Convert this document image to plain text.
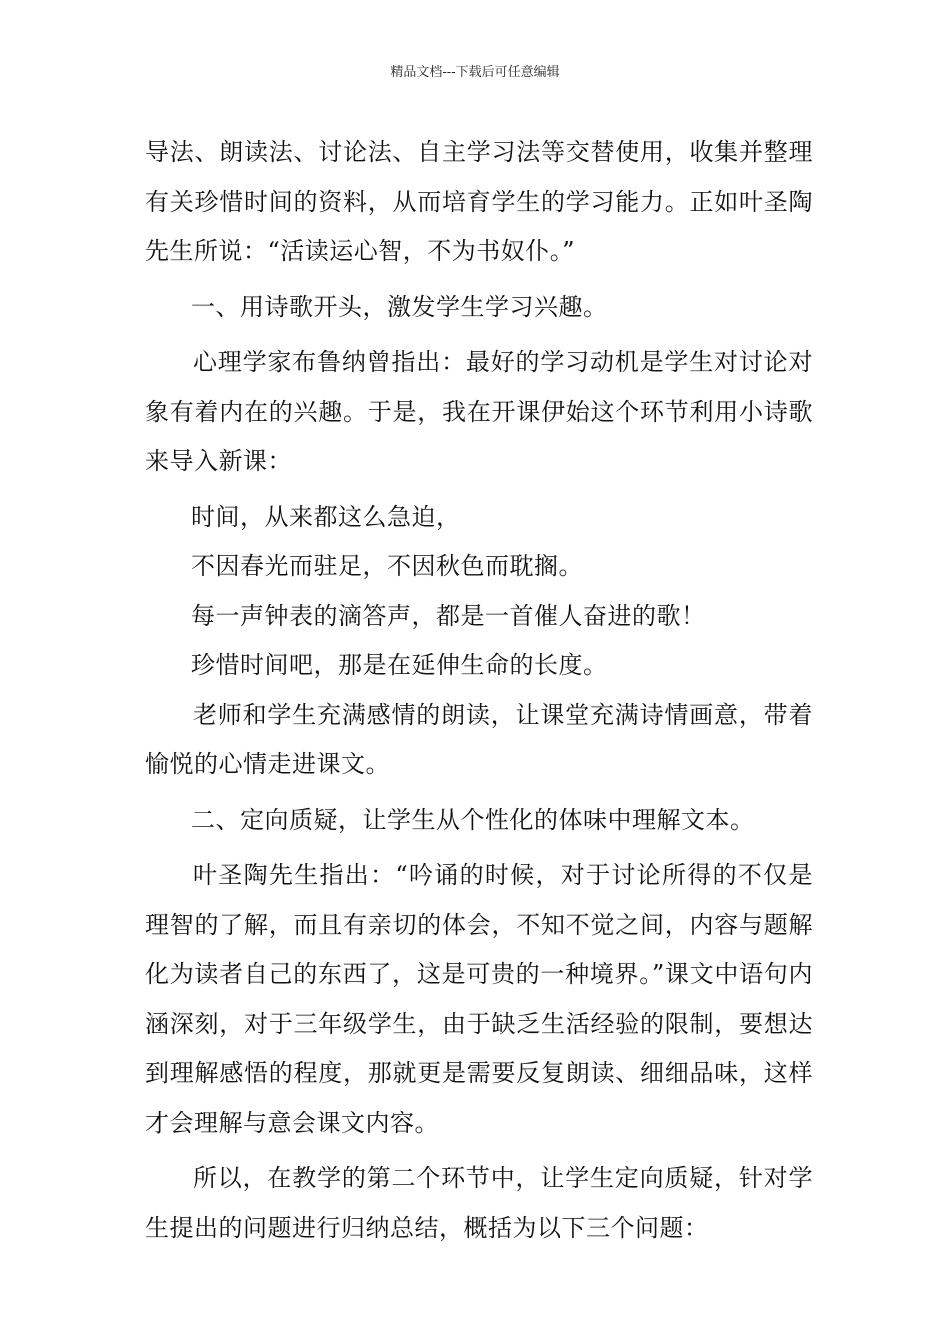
精品文档---下载后可任意编辑

导法、朗读法、讨论法、自主学习法等交替使用，收集并整理有关珍惜时间的资料，从而培育学生的学习能力。正如叶圣陶先生所说：“活读运心智，不为书奴仆。”

一、用诗歌开头，激发学生学习兴趣。

心理学家布鲁纳曾指出：最好的学习动机是学生对讨论对象有着内在的兴趣。于是，我在开课伊始这个环节利用小诗歌来导入新课：

时间，从来都这么急迫，

不因春光而驻足，不因秋色而耽搁。

每一声钟表的滴答声，都是一首催人奋进的歌！

珍惜时间吧，那是在延伸生命的长度。

老师和学生充满感情的朗读，让课堂充满诗情画意，带着愉悦的心情走进课文。

二、定向质疑，让学生从个性化的体味中理解文本。

叶圣陶先生指出：“吟诵的时候，对于讨论所得的不仅是理智的了解，而且有亲切的体会，不知不觉之间，内容与题解化为读者自己的东西了，这是可贵的一种境界。”课文中语句内涵深刻，对于三年级学生，由于缺乏生活经验的限制，要想达到理解感悟的程度，那就更是需要反复朗读、细细品味，这样才会理解与意会课文内容。

所以，在教学的第二个环节中，让学生定向质疑，针对学生提出的问题进行归纳总结，概括为以下三个问题：
